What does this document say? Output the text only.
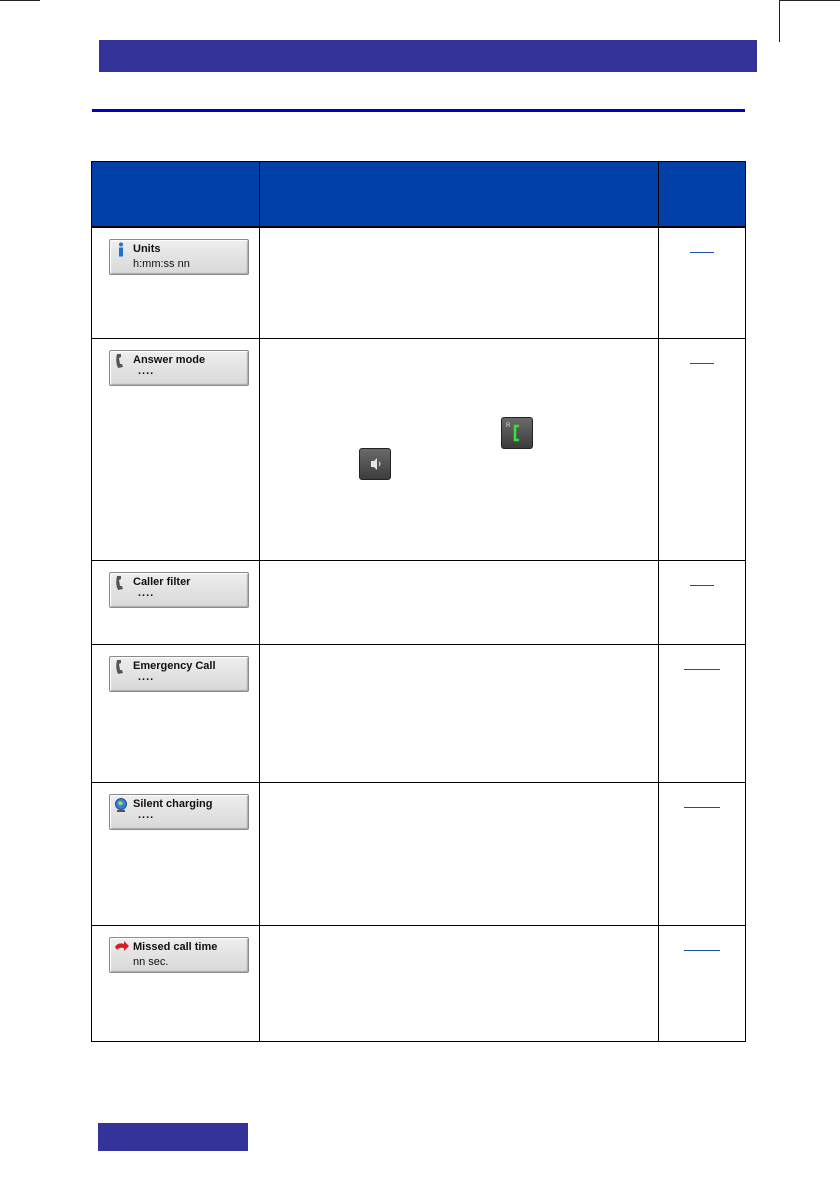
Units
h:mm:ss nn		

Answer mode
....	R	

Caller filter
....		

Emergency Call
....		

Silent charging
....		

Missed call time
nn sec.		
